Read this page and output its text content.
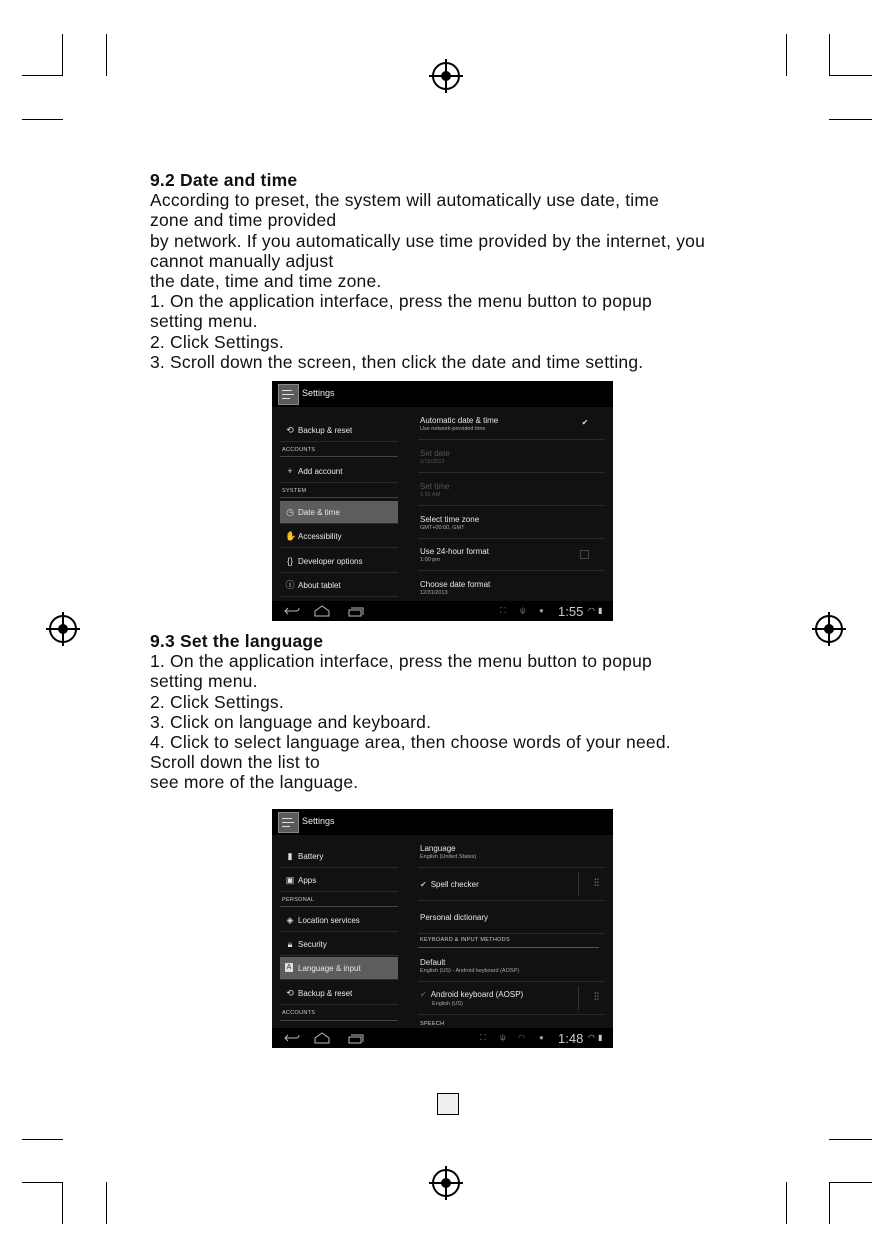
9.2 Date and time

According to preset, the system will automatically use date, time

zone and time provided

by network. If you automatically use time provided by the internet, you

cannot manually adjust

the date, time and time zone.

1. On the application interface, press the menu button to popup

setting menu.

2. Click Settings.

3. Scroll down the screen, then click the date and time setting.

Settings
⟲ Backup & reset
ACCOUNTS
+ Add account
SYSTEM
◷ Date & time
✋ Accessibility
{} Developer options
ⓘ About tablet
Automatic date & time
Use network-provided time
✔
Set date
1/15/2013
Set time
1:55 AM
Select time zone
GMT+00:00, GMT
Use 24-hour format
1:00 pm
Choose date format
12/31/2013
⛶ ψ ● 1:55 ◠ ▮
9.3 Set the language

1. On the application interface, press the menu button to popup

setting menu.

2. Click Settings.

3. Click on language and keyboard.

4. Click to select language area, then choose words of your need.

Scroll down the list to

see more of the language.

Settings
▮ Battery
▣ Apps
PERSONAL
◈ Location services
🔒︎ Security
A Language & input
⟲ Backup & reset
ACCOUNTS
Language
English (United States)
✔ Spell checker	⫶⫶
Personal dictionary
KEYBOARD & INPUT METHODS
Default
English (US) - Android keyboard (AOSP)
✔ Android keyboard (AOSP)
English (US)
⫶⫶
SPEECH
⛶ ψ ◠ ● 1:48 ◠ ▮
